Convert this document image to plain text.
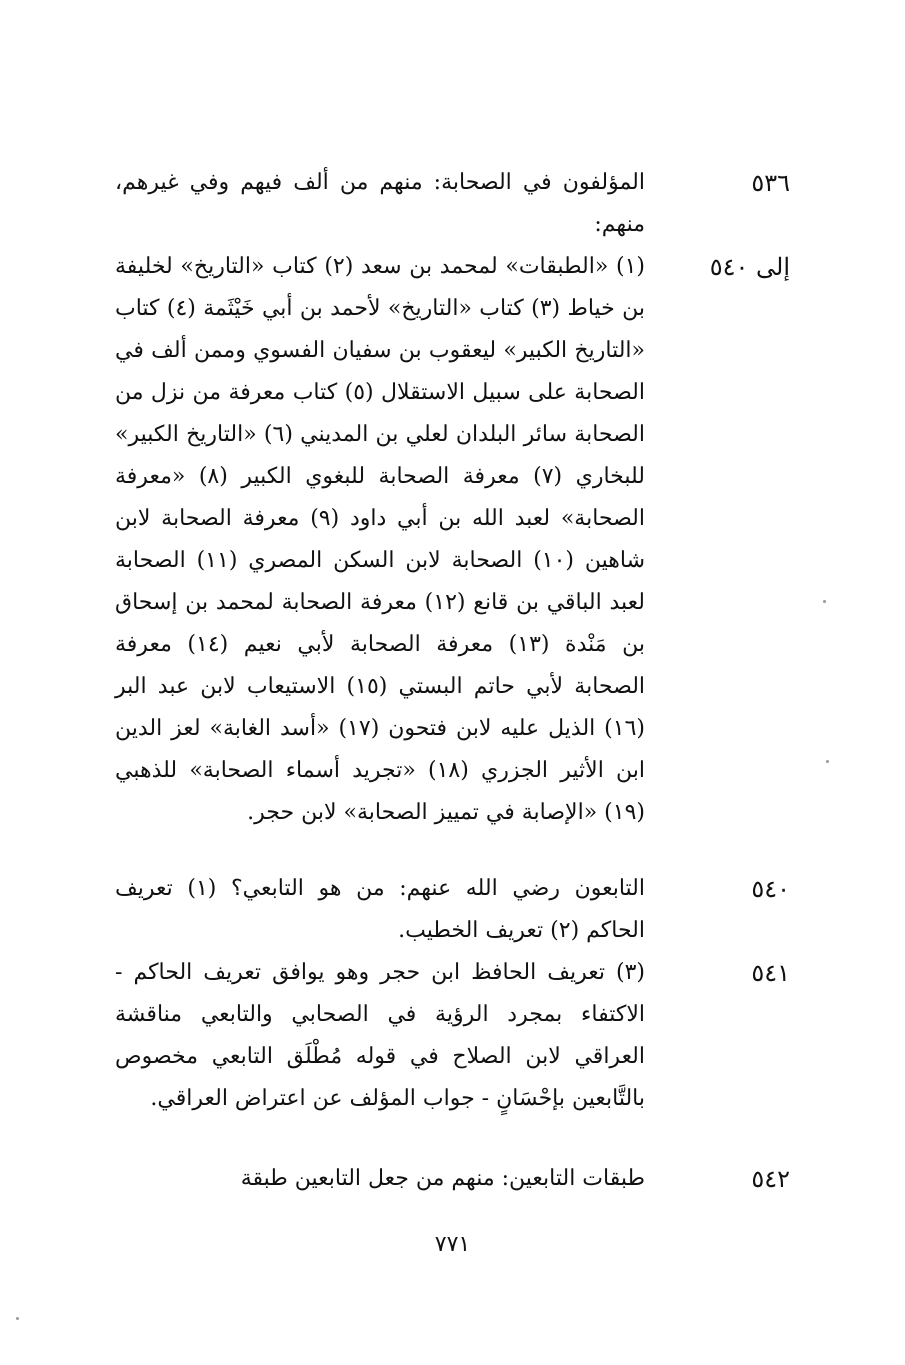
٥٣٦

المؤلفون في الصحابة: منهم من ألف فيهم وفي غيرهم، منهم:

إلى ٥٤٠

(١) «الطبقات» لمحمد بن سعد (٢) كتاب «التاريخ» لخليفة بن خياط (٣) كتاب «التاريخ» لأحمد بن أبي خَيْثَمة (٤) كتاب «التاريخ الكبير» ليعقوب بن سفيان الفسوي وممن ألف في الصحابة على سبيل الاستقلال (٥) كتاب معرفة من نزل من الصحابة سائر البلدان لعلي بن المديني (٦) «التاريخ الكبير» للبخاري (٧) معرفة الصحابة للبغوي الكبير (٨) «معرفة الصحابة» لعبد الله بن أبي داود (٩) معرفة الصحابة لابن شاهين (١٠) الصحابة لابن السكن المصري (١١) الصحابة لعبد الباقي بن قانع (١٢) معرفة الصحابة لمحمد بن إسحاق بن مَنْدة (١٣) معرفة الصحابة لأبي نعيم (١٤) معرفة الصحابة لأبي حاتم البستي (١٥) الاستيعاب لابن عبد البر (١٦) الذيل عليه لابن فتحون (١٧) «أسد الغابة» لعز الدين ابن الأثير الجزري (١٨) «تجريد أسماء الصحابة» للذهبي (١٩) «الإصابة في تمييز الصحابة» لابن حجر.

٥٤٠

التابعون رضي الله عنهم: من هو التابعي؟ (١) تعريف الحاكم (٢) تعريف الخطيب.

٥٤١

(٣) تعريف الحافظ ابن حجر وهو يوافق تعريف الحاكم - الاكتفاء بمجرد الرؤية في الصحابي والتابعي مناقشة العراقي لابن الصلاح في قوله مُطْلَق التابعي مخصوص بالتَّابعين بإحْسَانٍ - جواب المؤلف عن اعتراض العراقي.

٥٤٢

طبقات التابعين: منهم من جعل التابعين طبقة

٧٧١
